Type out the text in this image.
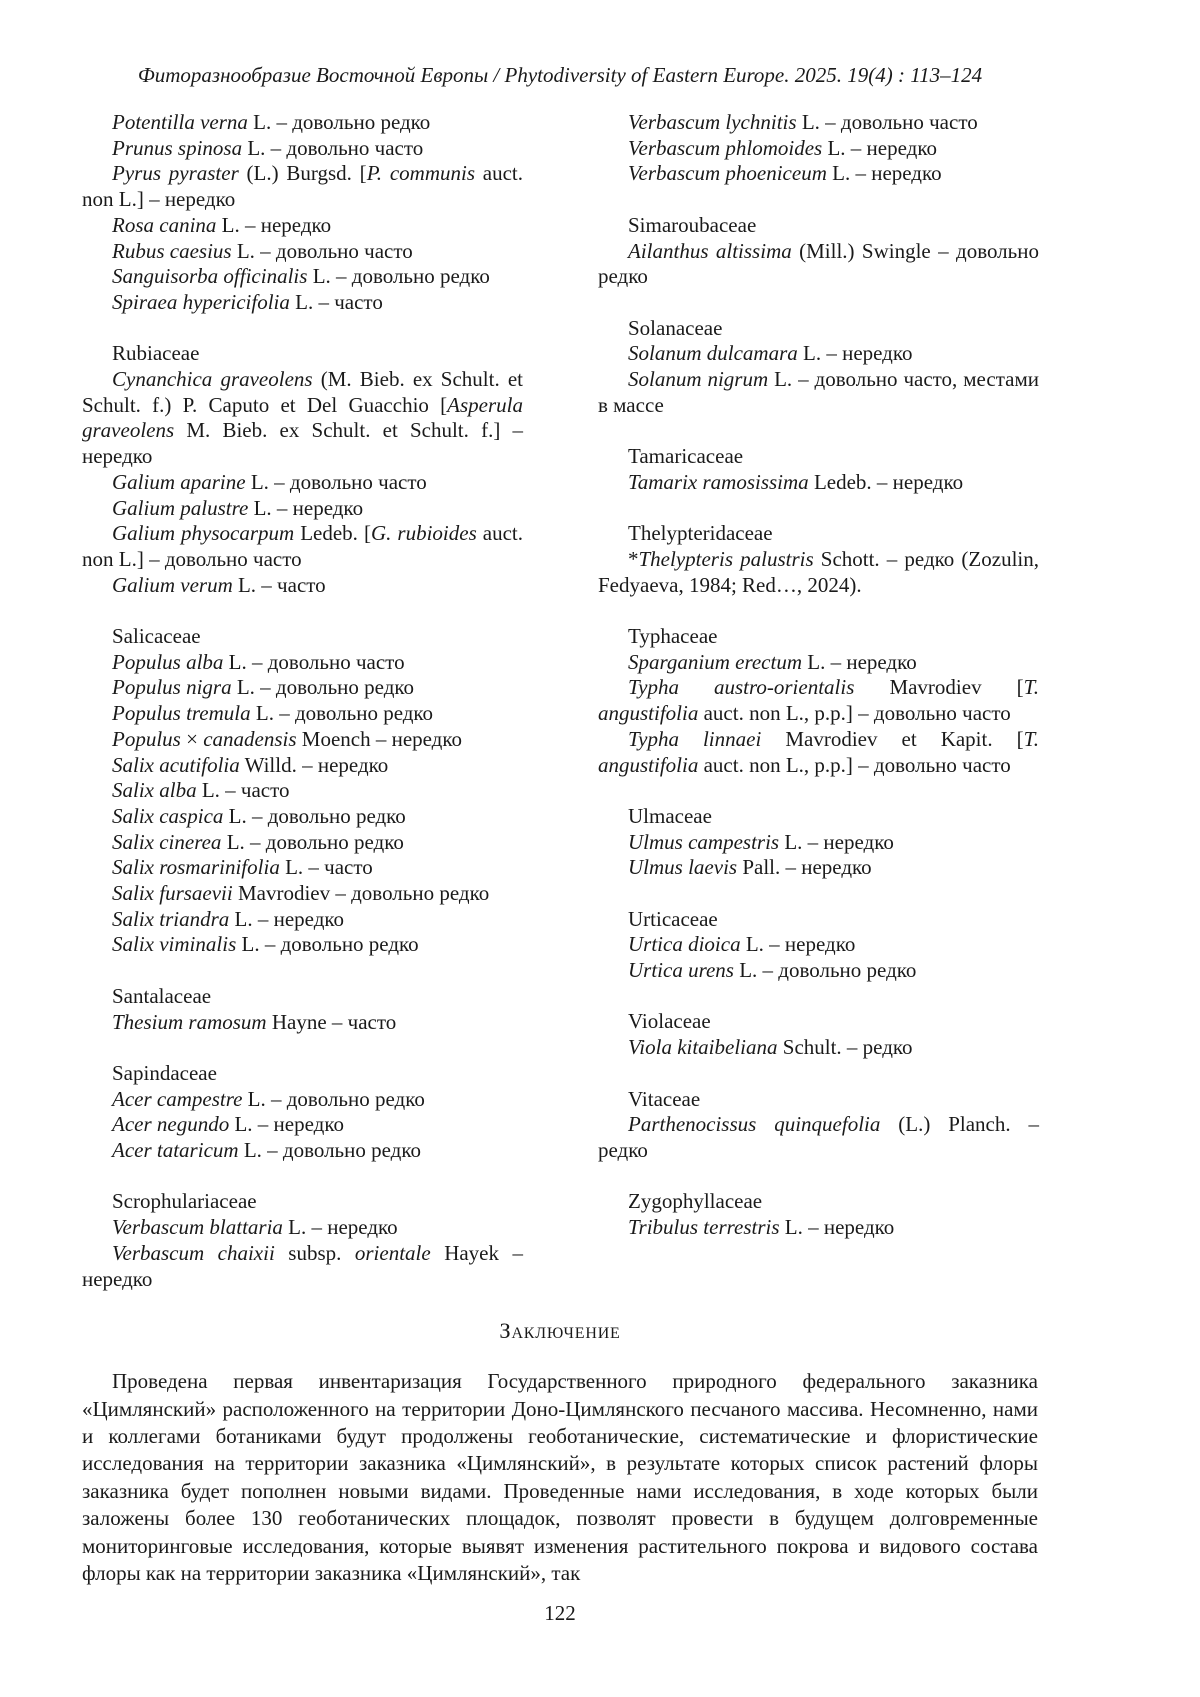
Фиторазнообразие Восточной Европы / Phytodiversity of Eastern Europe. 2025. 19(4) : 113–124

Potentilla verna L. – довольно редко

Prunus spinosa L. – довольно часто

Pyrus pyraster (L.) Burgsd. [P. communis auct. non L.] – нередко

Rosa canina L. – нередко

Rubus caesius L. – довольно часто

Sanguisorba officinalis L. – довольно редко

Spiraea hypericifolia L. – часто

Rubiaceae

Cynanchica graveolens (M. Bieb. ex Schult. et Schult. f.) P. Caputo et Del Guacchio [Asperula graveolens M. Bieb. ex Schult. et Schult. f.] – нередко

Galium aparine L. – довольно часто

Galium palustre L. – нередко

Galium physocarpum Ledeb. [G. rubioides auct. non L.] – довольно часто

Galium verum L. – часто

Salicaceae

Populus alba L. – довольно часто

Populus nigra L. – довольно редко

Populus tremula L. – довольно редко

Populus × canadensis Moench – нередко

Salix acutifolia Willd. – нередко

Salix alba L. – часто

Salix caspica L. – довольно редко

Salix cinerea L. – довольно редко

Salix rosmarinifolia L. – часто

Salix fursaevii Mavrodiev – довольно редко

Salix triandra L. – нередко

Salix viminalis L. – довольно редко

Santalaceae

Thesium ramosum Hayne – часто

Sapindaceae

Acer campestre L. – довольно редко

Acer negundo L. – нередко

Acer tataricum L. – довольно редко

Scrophulariaceae

Verbascum blattaria L. – нередко

Verbascum chaixii subsp. orientale Hayek – нередко

Verbascum lychnitis L. – довольно часто

Verbascum phlomoides L. – нередко

Verbascum phoeniceum L. – нередко

Simaroubaceae

Ailanthus altissima (Mill.) Swingle – довольно редко

Solanaceae

Solanum dulcamara L. – нередко

Solanum nigrum L. – довольно часто, местами в массе

Tamaricaceae

Tamarix ramosissima Ledeb. – нередко

Thelypteridaceae

*Thelypteris palustris Schott. – редко (Zozulin, Fedyaeva, 1984; Red…, 2024).

Typhaceae

Sparganium erectum L. – нередко

Typha austro-orientalis Mavrodiev [T. angustifolia auct. non L., p.p.] – довольно часто

Typha linnaei Mavrodiev et Kapit. [T. angustifolia auct. non L., p.p.] – довольно часто

Ulmaceae

Ulmus campestris L. – нередко

Ulmus laevis Pall. – нередко

Urticaceae

Urtica dioica L. – нередко

Urtica urens L. – довольно редко

Violaceae

Viola kitaibeliana Schult. – редко

Vitaceae

Parthenocissus quinquefolia (L.) Planch. – редко

Zygophyllaceae

Tribulus terrestris L. – нередко

Заключение
Проведена первая инвентаризация Государственного природного федерального заказника «Цимлянский» расположенного на территории Доно-Цимлянского песчаного массива. Несомненно, нами и коллегами ботаниками будут продолжены геоботанические, систематические и флористические исследования на территории заказника «Цимлянский», в результате которых список растений флоры заказника будет пополнен новыми видами. Проведенные нами исследования, в ходе которых были заложены более 130 геоботанических площадок, позволят провести в будущем долговременные мониторинговые исследования, которые выявят изменения растительного покрова и видового состава флоры как на территории заказника «Цимлянский», так
122
